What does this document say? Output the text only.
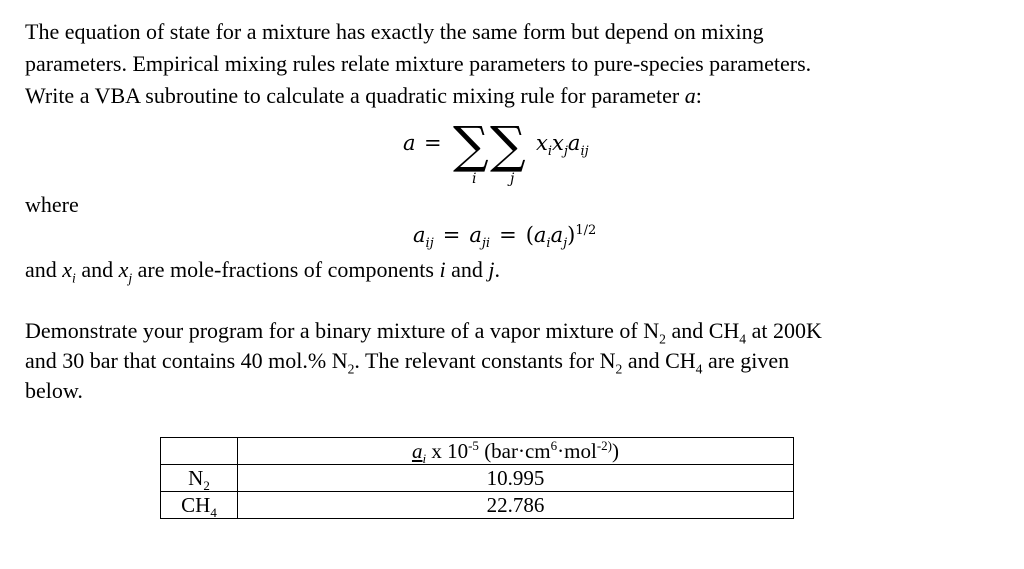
The equation of state for a mixture has exactly the same form but depend on mixing
parameters. Empirical mixing rules relate mixture parameters to pure-species parameters.
Write a VBA subroutine to calculate a quadratic mixing rule for parameter a:
a = ∑ ∑
i j
$x_ix_ja_{ij}$
where
$a_{ij} = a_{ji} = (a_ia_j)^{1/2}$
and $x_i$ and $x_j$ are mole-fractions of components i and j.
Demonstrate your program for a binary mixture of a vapor mixture of $N_2$ and $CH_4$ at 200K
and 30 bar that contains 40 mol.% $N_2$. The relevant constants for $N_2$ and $CH_4$ are given
below.
	$a_i$ x $10^{-5}$ $(bar\cdot cm^6\cdot mol^{-2)})$
$N_2$	10.995
$CH_4$	22.786
